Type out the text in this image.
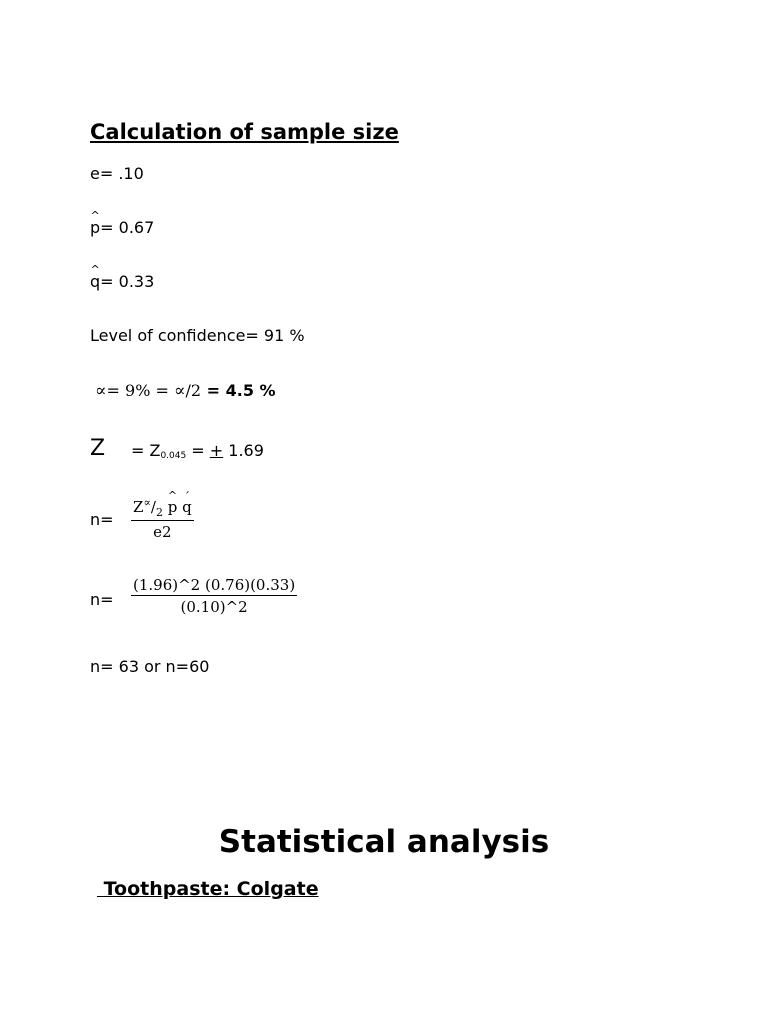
Calculation of sample size
e= .10
p ^= 0.67
q ^= 0.33
Level of confidence= 91 %
∝= 9% = ∝/2 = 4.5 %
Z = Z0.045 = + 1.69
$n= \frac{Z^\propto/_2 p \^{} q ´}{e2}$
$n= \frac{(1.96)\^{}2 (0.76)(0.33)}{(0.10)\^{}2}$
n= 63 or n=60
Statistical analysis
Toothpaste: Colgate
